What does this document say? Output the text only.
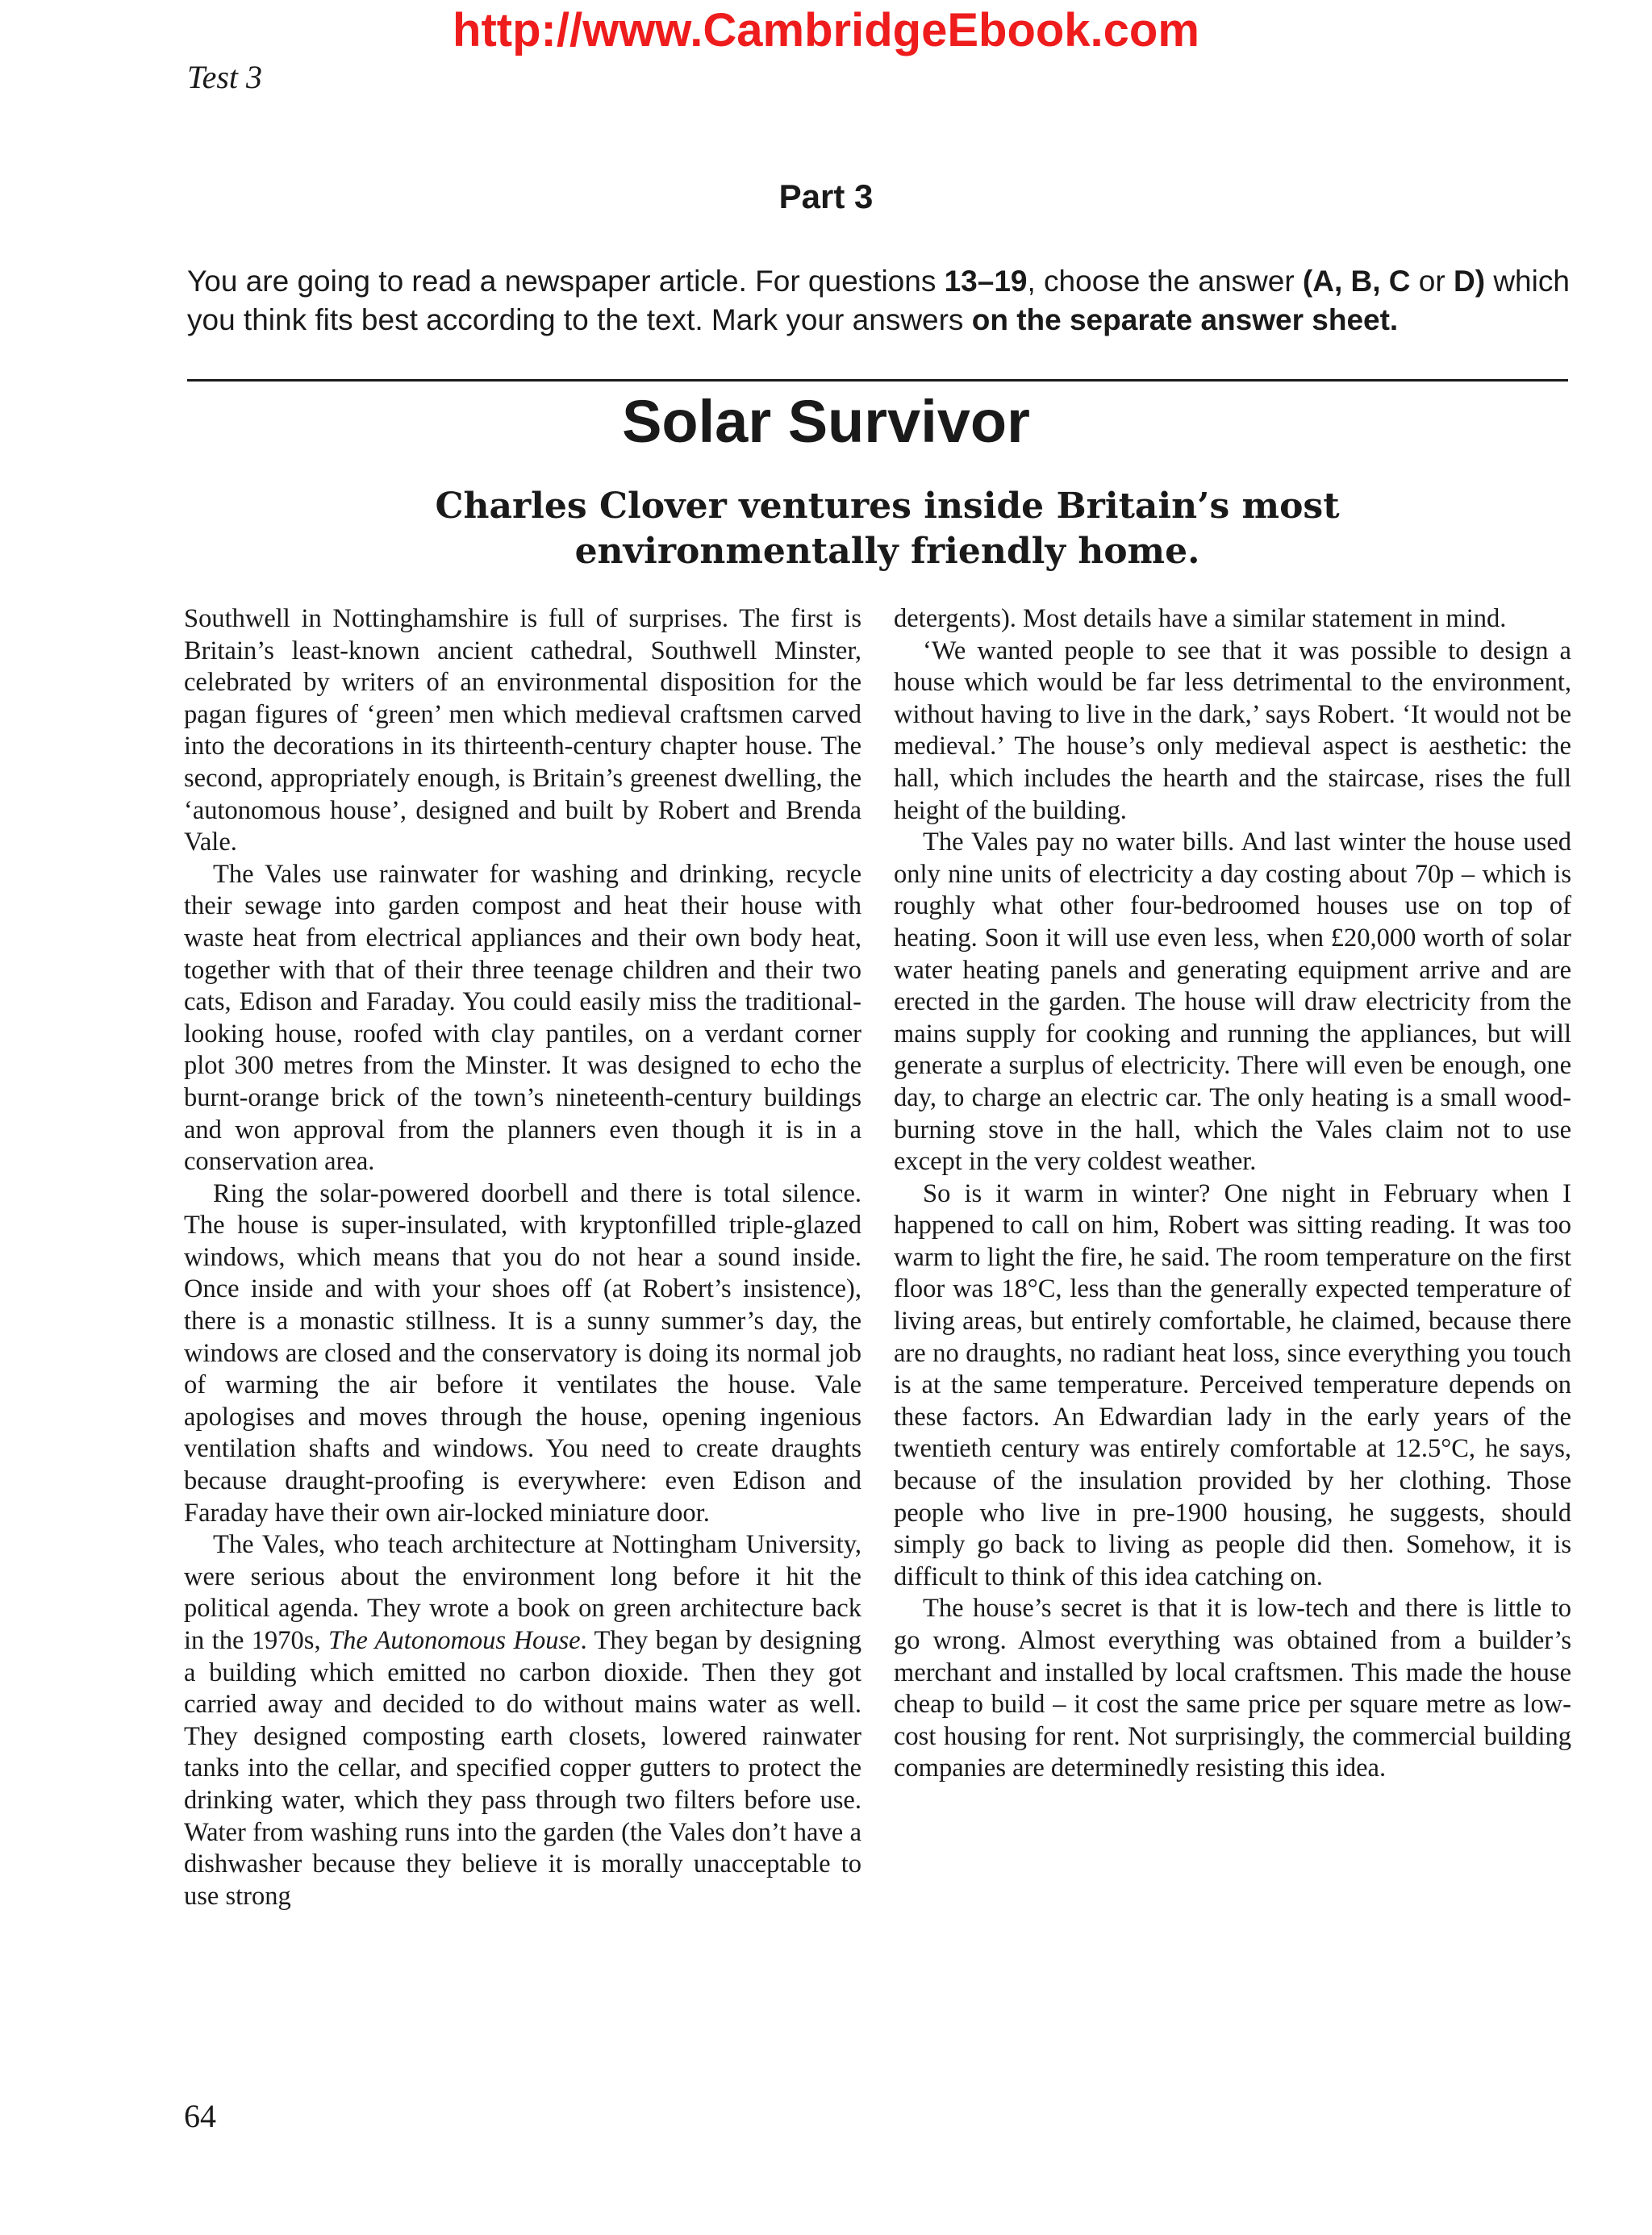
http://www.CambridgeEbook.com
Test 3
Part 3
You are going to read a newspaper article. For questions 13–19, choose the answer (A, B, C or D) which you think fits best according to the text. Mark your answers on the separate answer sheet.
Solar Survivor
Charles Clover ventures inside Britain’s most
environmentally friendly home.

Southwell in Nottinghamshire is full of surprises. The first is Britain’s least-known ancient cathedral, Southwell Minster, celebrated by writers of an environmental disposition for the pagan figures of ‘green’ men which medieval craftsmen carved into the decorations in its thirteenth-century chapter house. The second, appropriately enough, is Britain’s greenest dwelling, the ‘autonomous house’, designed and built by Robert and Brenda Vale.

The Vales use rainwater for washing and drinking, recycle their sewage into garden compost and heat their house with waste heat from electrical appliances and their own body heat, together with that of their three teenage children and their two cats, Edison and Faraday. You could easily miss the traditional-looking house, roofed with clay pantiles, on a verdant corner plot 300 metres from the Minster. It was designed to echo the burnt-orange brick of the town’s nineteenth-century buildings and won approval from the planners even though it is in a conservation area.

Ring the solar-powered doorbell and there is total silence. The house is super-insulated, with kryptonfilled triple-glazed windows, which means that you do not hear a sound inside. Once inside and with your shoes off (at Robert’s insistence), there is a monastic stillness. It is a sunny summer’s day, the windows are closed and the conservatory is doing its normal job of warming the air before it ventilates the house. Vale apologises and moves through the house, opening ingenious ventilation shafts and windows. You need to create draughts because draught-proofing is everywhere: even Edison and Faraday have their own air-locked miniature door.

The Vales, who teach architecture at Nottingham University, were serious about the environment long before it hit the political agenda. They wrote a book on green architecture back in the 1970s, The Autonomous House. They began by designing a building which emitted no carbon dioxide. Then they got carried away and decided to do without mains water as well. They designed composting earth closets, lowered rainwater tanks into the cellar, and specified copper gutters to protect the drinking water, which they pass through two filters before use. Water from washing runs into the garden (the Vales don’t have a dishwasher because they believe it is morally unacceptable to use strong

detergents). Most details have a similar statement in mind.

‘We wanted people to see that it was possible to design a house which would be far less detrimental to the environment, without having to live in the dark,’ says Robert. ‘It would not be medieval.’ The house’s only medieval aspect is aesthetic: the hall, which includes the hearth and the staircase, rises the full height of the building.

The Vales pay no water bills. And last winter the house used only nine units of electricity a day costing about 70p – which is roughly what other four-bedroomed houses use on top of heating. Soon it will use even less, when £20,000 worth of solar water heating panels and generating equipment arrive and are erected in the garden. The house will draw electricity from the mains supply for cooking and running the appliances, but will generate a surplus of electricity. There will even be enough, one day, to charge an electric car. The only heating is a small wood-burning stove in the hall, which the Vales claim not to use except in the very coldest weather.

So is it warm in winter? One night in February when I happened to call on him, Robert was sitting reading. It was too warm to light the fire, he said. The room temperature on the first floor was 18°C, less than the generally expected temperature of living areas, but entirely comfortable, he claimed, because there are no draughts, no radiant heat loss, since everything you touch is at the same temperature. Perceived temperature depends on these factors. An Edwardian lady in the early years of the twentieth century was entirely comfortable at 12.5°C, he says, because of the insulation provided by her clothing. Those people who live in pre-1900 housing, he suggests, should simply go back to living as people did then. Somehow, it is difficult to think of this idea catching on.

The house’s secret is that it is low-tech and there is little to go wrong. Almost everything was obtained from a builder’s merchant and installed by local craftsmen. This made the house cheap to build – it cost the same price per square metre as low-cost housing for rent. Not surprisingly, the commercial building companies are determinedly resisting this idea.

64
